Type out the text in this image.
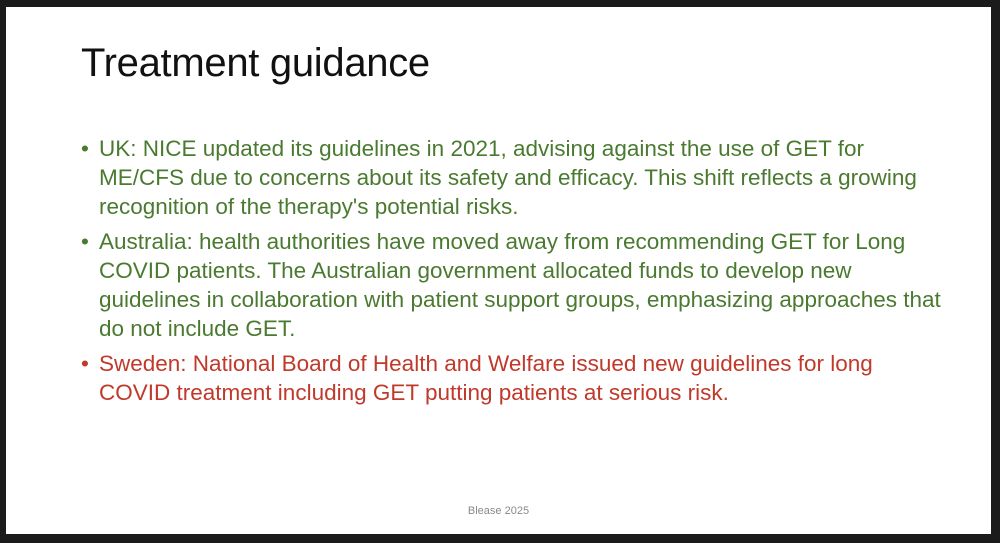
Treatment guidance
• UK: NICE updated its guidelines in 2021, advising against the use of GET for ME/CFS due to concerns about its safety and efficacy. This shift reflects a growing recognition of the therapy's potential risks.
• Australia: health authorities have moved away from recommending GET for Long COVID patients. The Australian government allocated funds to develop new guidelines in collaboration with patient support groups, emphasizing approaches that do not include GET.
• Sweden: National Board of Health and Welfare issued new guidelines for long COVID treatment including GET putting patients at serious risk.
Blease 2025
